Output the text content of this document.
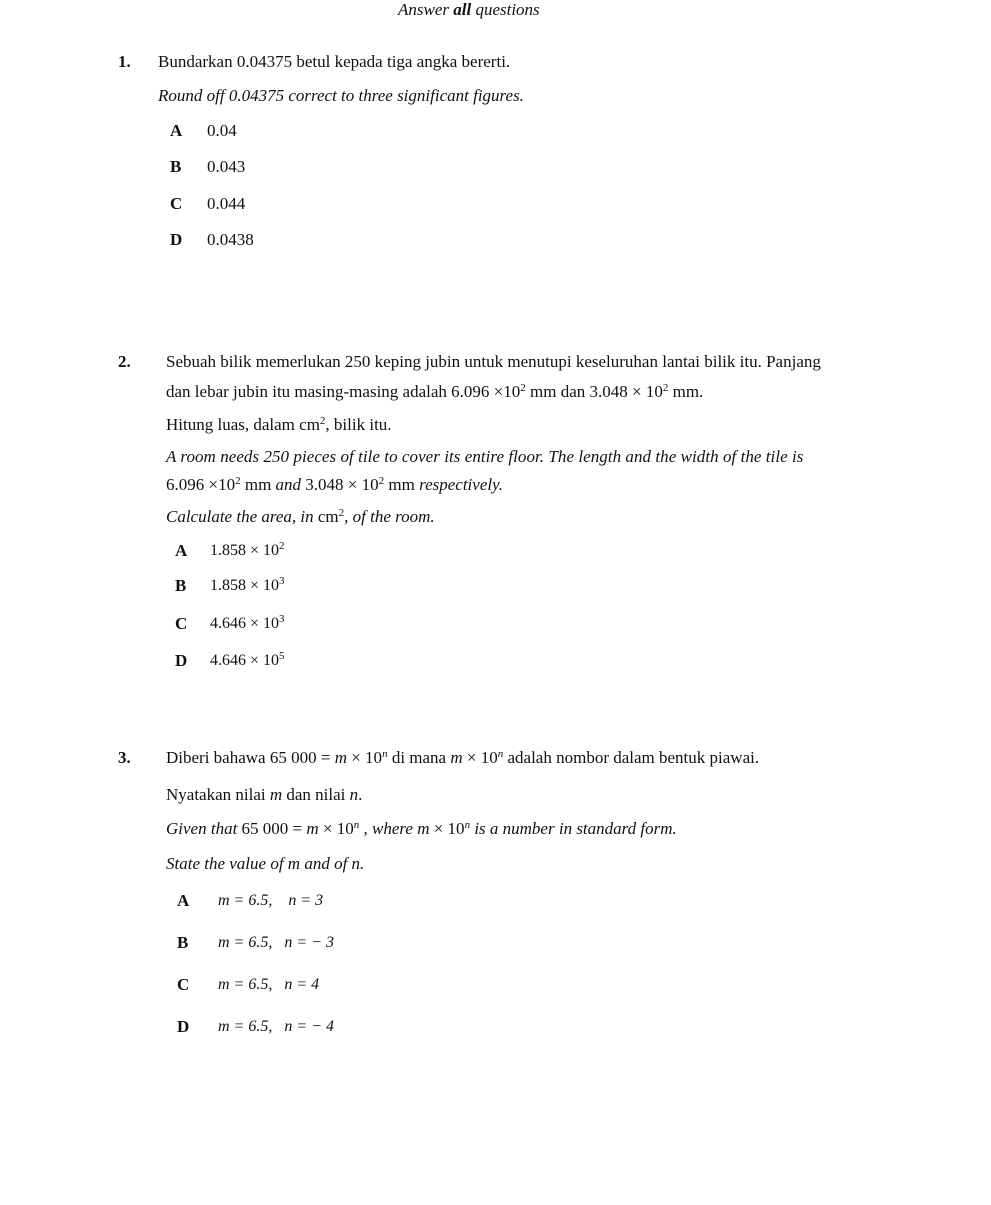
Answer all questions
1. Bundarkan 0.04375 betul kepada tiga angka bererti.
Round off 0.04375 correct to three significant figures.
A 0.04
B 0.043
C 0.044
D 0.0438
2. Sebuah bilik memerlukan 250 keping jubin untuk menutupi keseluruhan lantai bilik itu. Panjang
dan lebar jubin itu masing-masing adalah $6.096 \times 10^2$ mm dan $3.048 \times 10^2$ mm.
Hitung luas, dalam $cm^2$, bilik itu.
A room needs 250 pieces of tile to cover its entire floor. The length and the width of the tile is
$6.096 \times 10^2$ mm and $3.048 \times 10^2$ mm respectively.
Calculate the area, in $cm^2$, of the room.
A $1.858 \times 10^2$
B $1.858 \times 10^3$
C $4.646 \times 10^3$
D $4.646 \times 10^5$
3. Diberi bahawa 65 $000 = m \times 10^n$ di mana $m \times 10^n$ adalah nombor dalam bentuk piawai.
Nyatakan nilai m dan nilai n.
Given that 65 $000 = m \times 10^n$ , where $m \times 10^n$ is a number in standard form.
State the value of m and of n.
A m = 6.5,    n = 3
B m = 6.5,   n = − 3
C m = 6.5,   n = 4
D m = 6.5,   n = − 4
